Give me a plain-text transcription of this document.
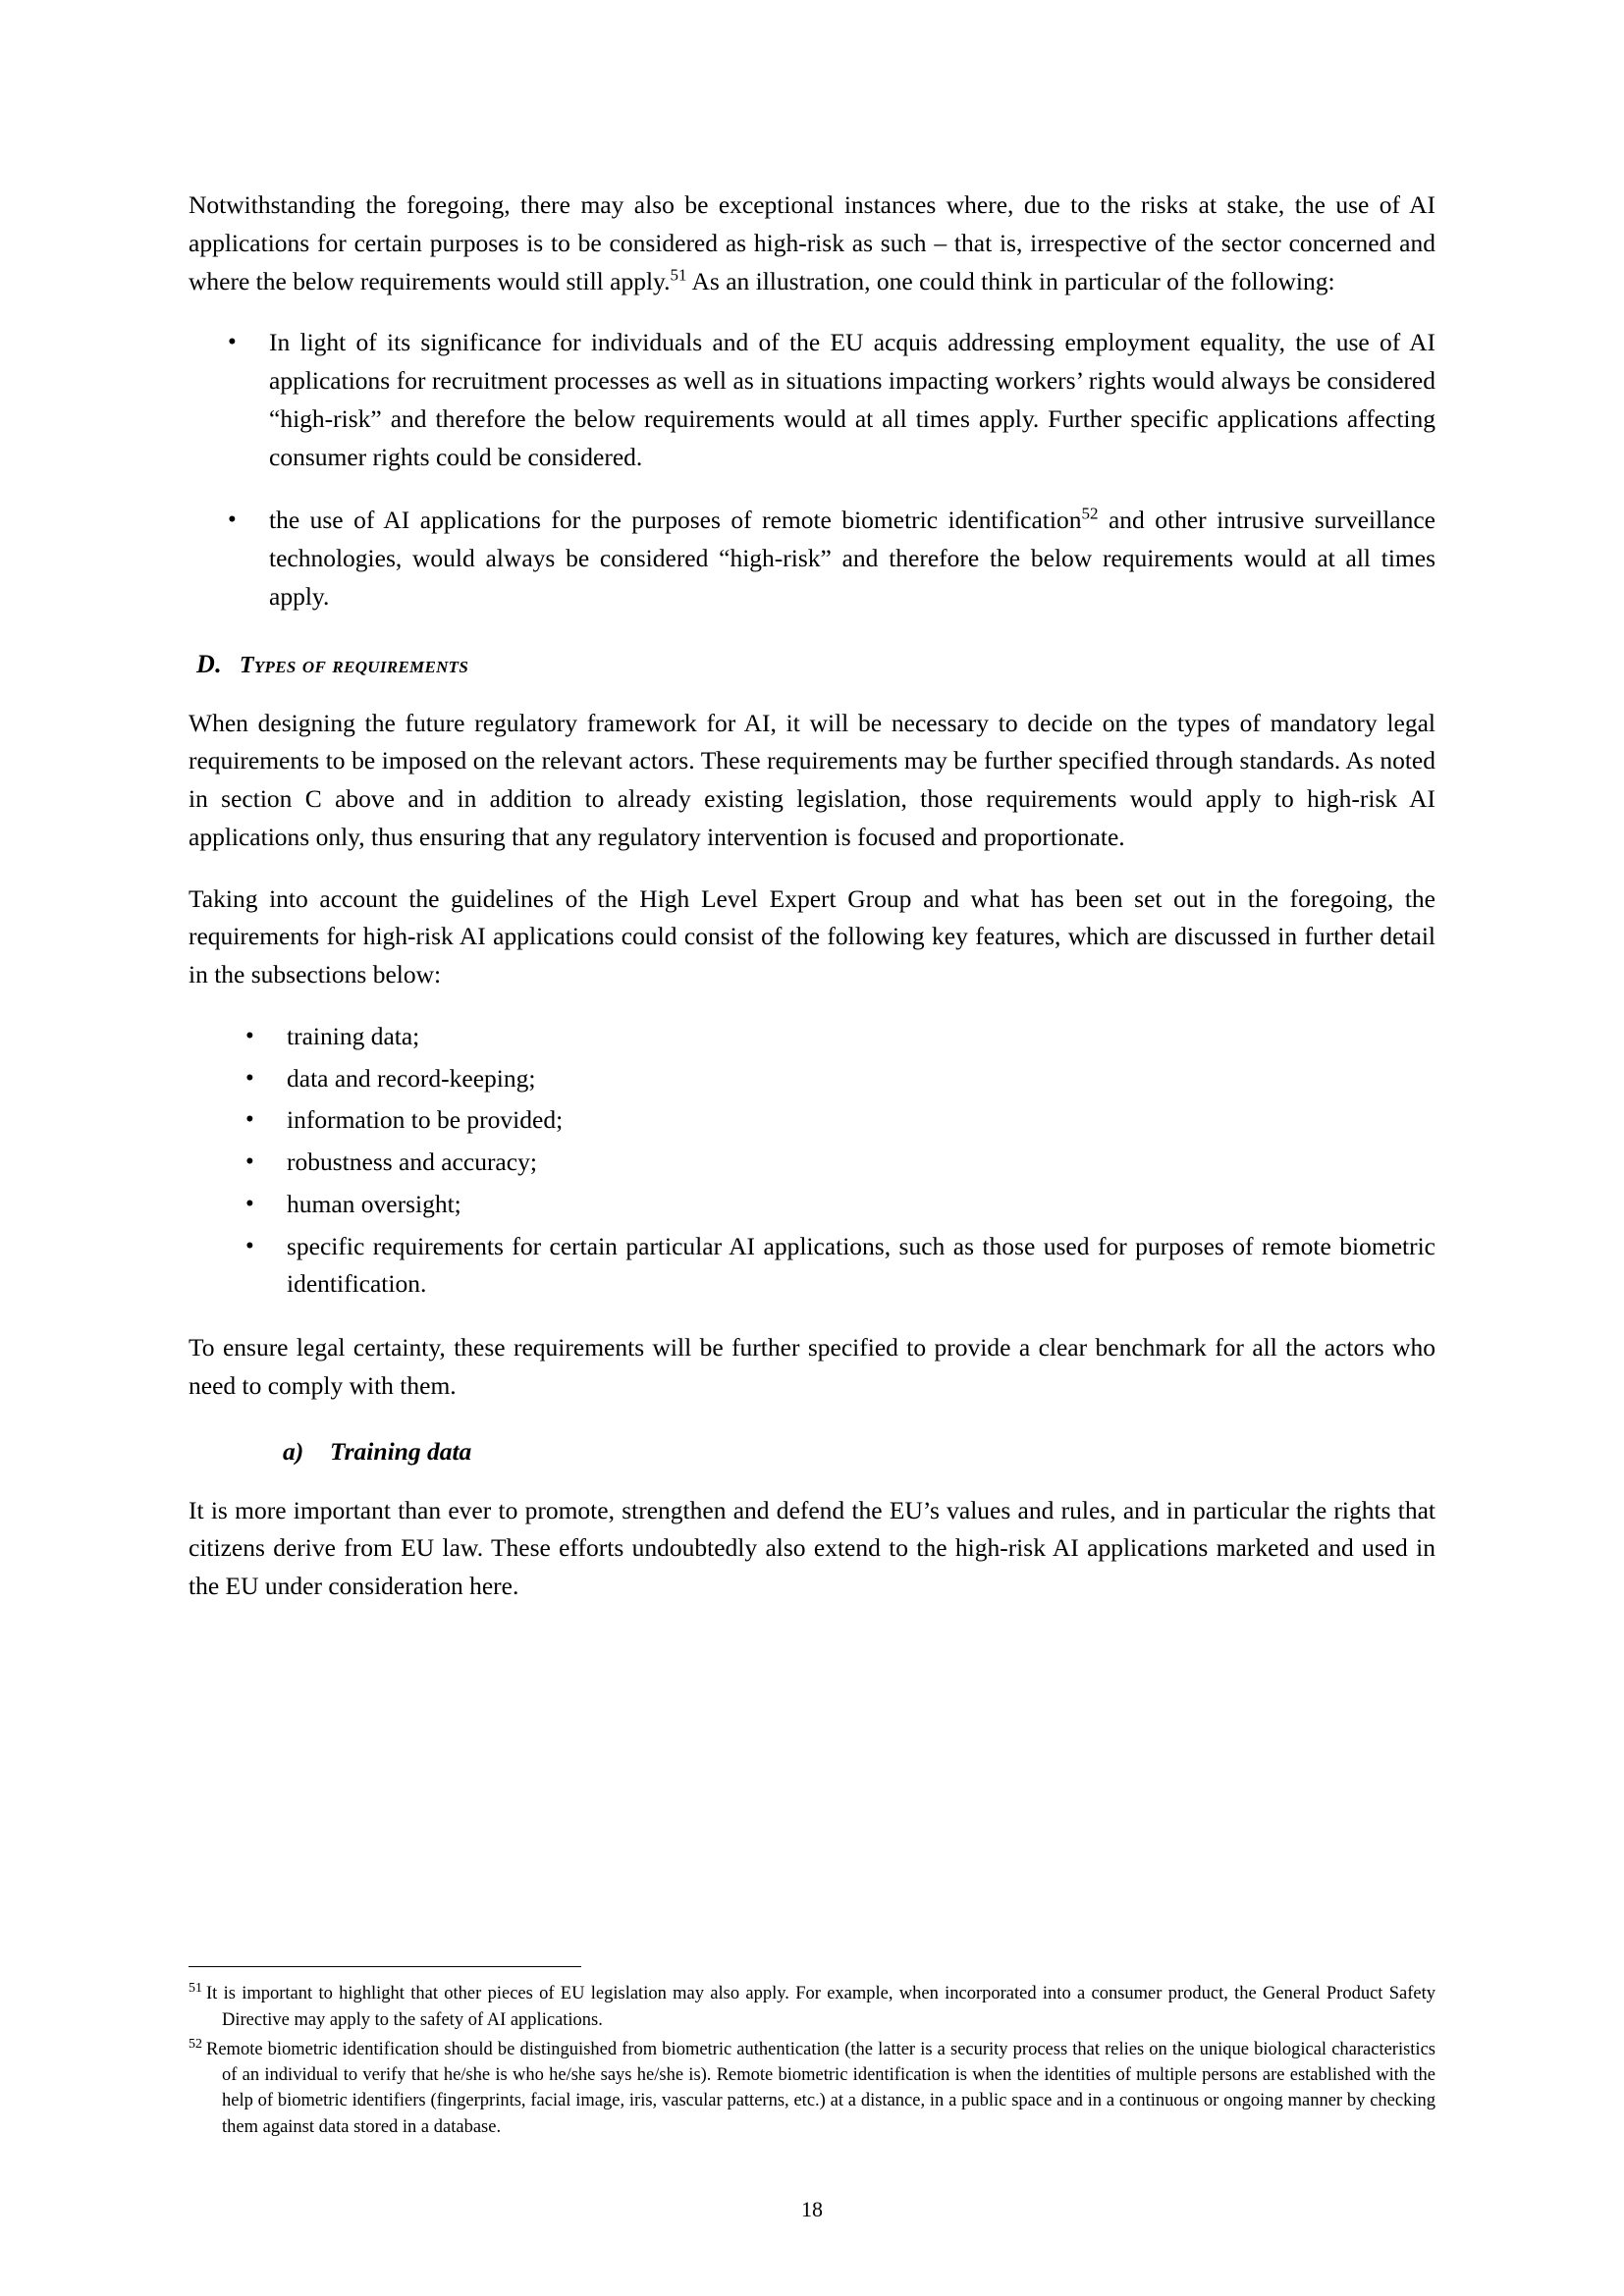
Notwithstanding the foregoing, there may also be exceptional instances where, due to the risks at stake, the use of AI applications for certain purposes is to be considered as high-risk as such – that is, irrespective of the sector concerned and where the below requirements would still apply.$^{51}$ As an illustration, one could think in particular of the following:

• In light of its significance for individuals and of the EU acquis addressing employment equality, the use of AI applications for recruitment processes as well as in situations impacting workers’ rights would always be considered “high-risk” and therefore the below requirements would at all times apply. Further specific applications affecting consumer rights could be considered.
• the use of AI applications for the purposes of remote biometric identification$^{52}$ and other intrusive surveillance technologies, would always be considered “high-risk” and therefore the below requirements would at all times apply.
D. Types of requirements

When designing the future regulatory framework for AI, it will be necessary to decide on the types of mandatory legal requirements to be imposed on the relevant actors. These requirements may be further specified through standards. As noted in section C above and in addition to already existing legislation, those requirements would apply to high-risk AI applications only, thus ensuring that any regulatory intervention is focused and proportionate.

Taking into account the guidelines of the High Level Expert Group and what has been set out in the foregoing, the requirements for high-risk AI applications could consist of the following key features, which are discussed in further detail in the subsections below:

• training data;
• data and record-keeping;
• information to be provided;
• robustness and accuracy;
• human oversight;
• specific requirements for certain particular AI applications, such as those used for purposes of remote biometric identification.

To ensure legal certainty, these requirements will be further specified to provide a clear benchmark for all the actors who need to comply with them.

a) Training data

It is more important than ever to promote, strengthen and defend the EU’s values and rules, and in particular the rights that citizens derive from EU law. These efforts undoubtedly also extend to the high-risk AI applications marketed and used in the EU under consideration here.

$^{51}$ It is important to highlight that other pieces of EU legislation may also apply. For example, when incorporated into a consumer product, the General Product Safety Directive may apply to the safety of AI applications.

$^{52}$ Remote biometric identification should be distinguished from biometric authentication (the latter is a security process that relies on the unique biological characteristics of an individual to verify that he/she is who he/she says he/she is). Remote biometric identification is when the identities of multiple persons are established with the help of biometric identifiers (fingerprints, facial image, iris, vascular patterns, etc.) at a distance, in a public space and in a continuous or ongoing manner by checking them against data stored in a database.

18
